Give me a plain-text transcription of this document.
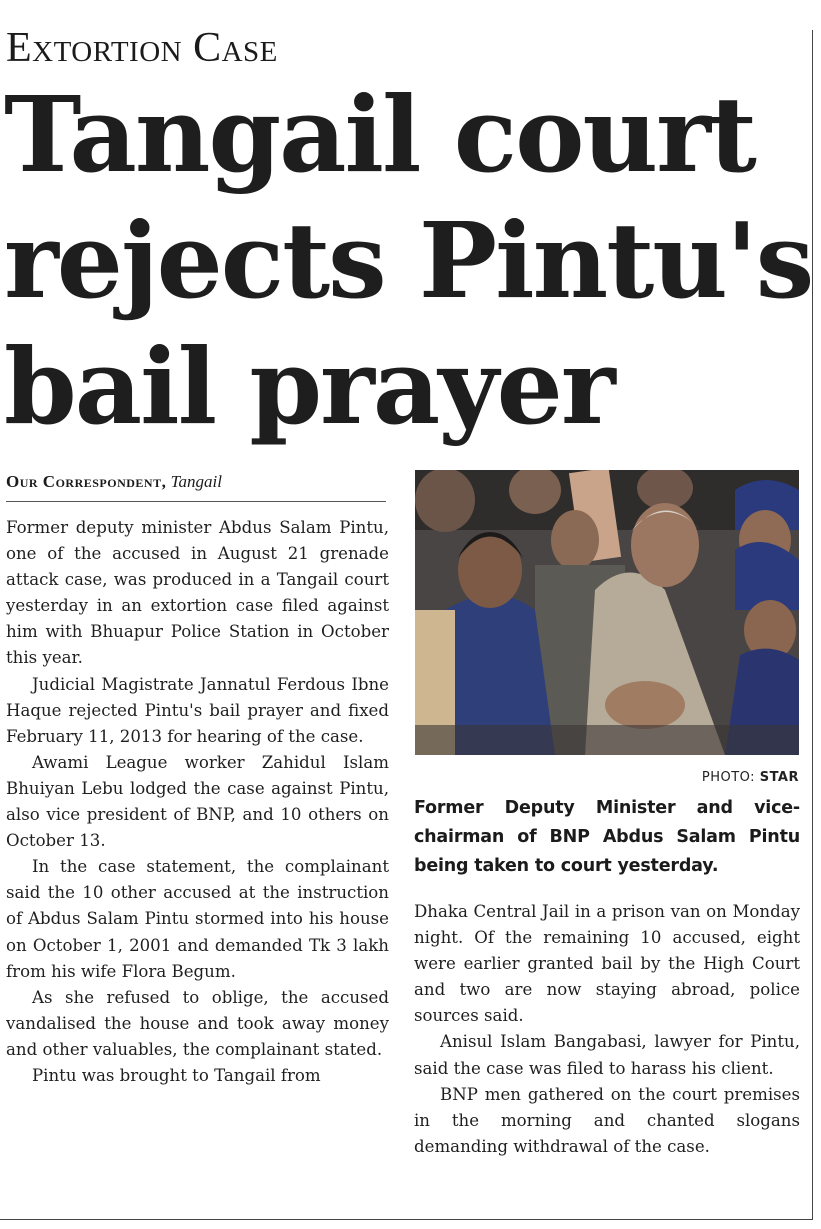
Extortion Case
Tangail court
rejects Pintu's
bail prayer
Our Correspondent, Tangail

Former deputy minister Abdus Salam Pintu, one of the accused in August 21 grenade attack case, was produced in a Tangail court yesterday in an extortion case filed against him with Bhuapur Police Station in October this year.

Judicial Magistrate Jannatul Ferdous Ibne Haque rejected Pintu's bail prayer and fixed February 11, 2013 for hearing of the case.

Awami League worker Zahidul Islam Bhuiyan Lebu lodged the case against Pintu, also vice president of BNP, and 10 others on October 13.

In the case statement, the complainant said the 10 other accused at the instruction of Abdus Salam Pintu stormed into his house on October 1, 2001 and demanded Tk 3 lakh from his wife Flora Begum.

As she refused to oblige, the accused vandalised the house and took away money and other valuables, the complainant stated.

Pintu was brought to Tangail from

PHOTO: STAR
Former Deputy Minister and vice-chairman of BNP Abdus Salam Pintu being taken to court yesterday.

Dhaka Central Jail in a prison van on Monday night. Of the remaining 10 accused, eight were earlier granted bail by the High Court and two are now staying abroad, police sources said.

Anisul Islam Bangabasi, lawyer for Pintu, said the case was filed to harass his client.

BNP men gathered on the court premises in the morning and chanted slogans demanding withdrawal of the case.
